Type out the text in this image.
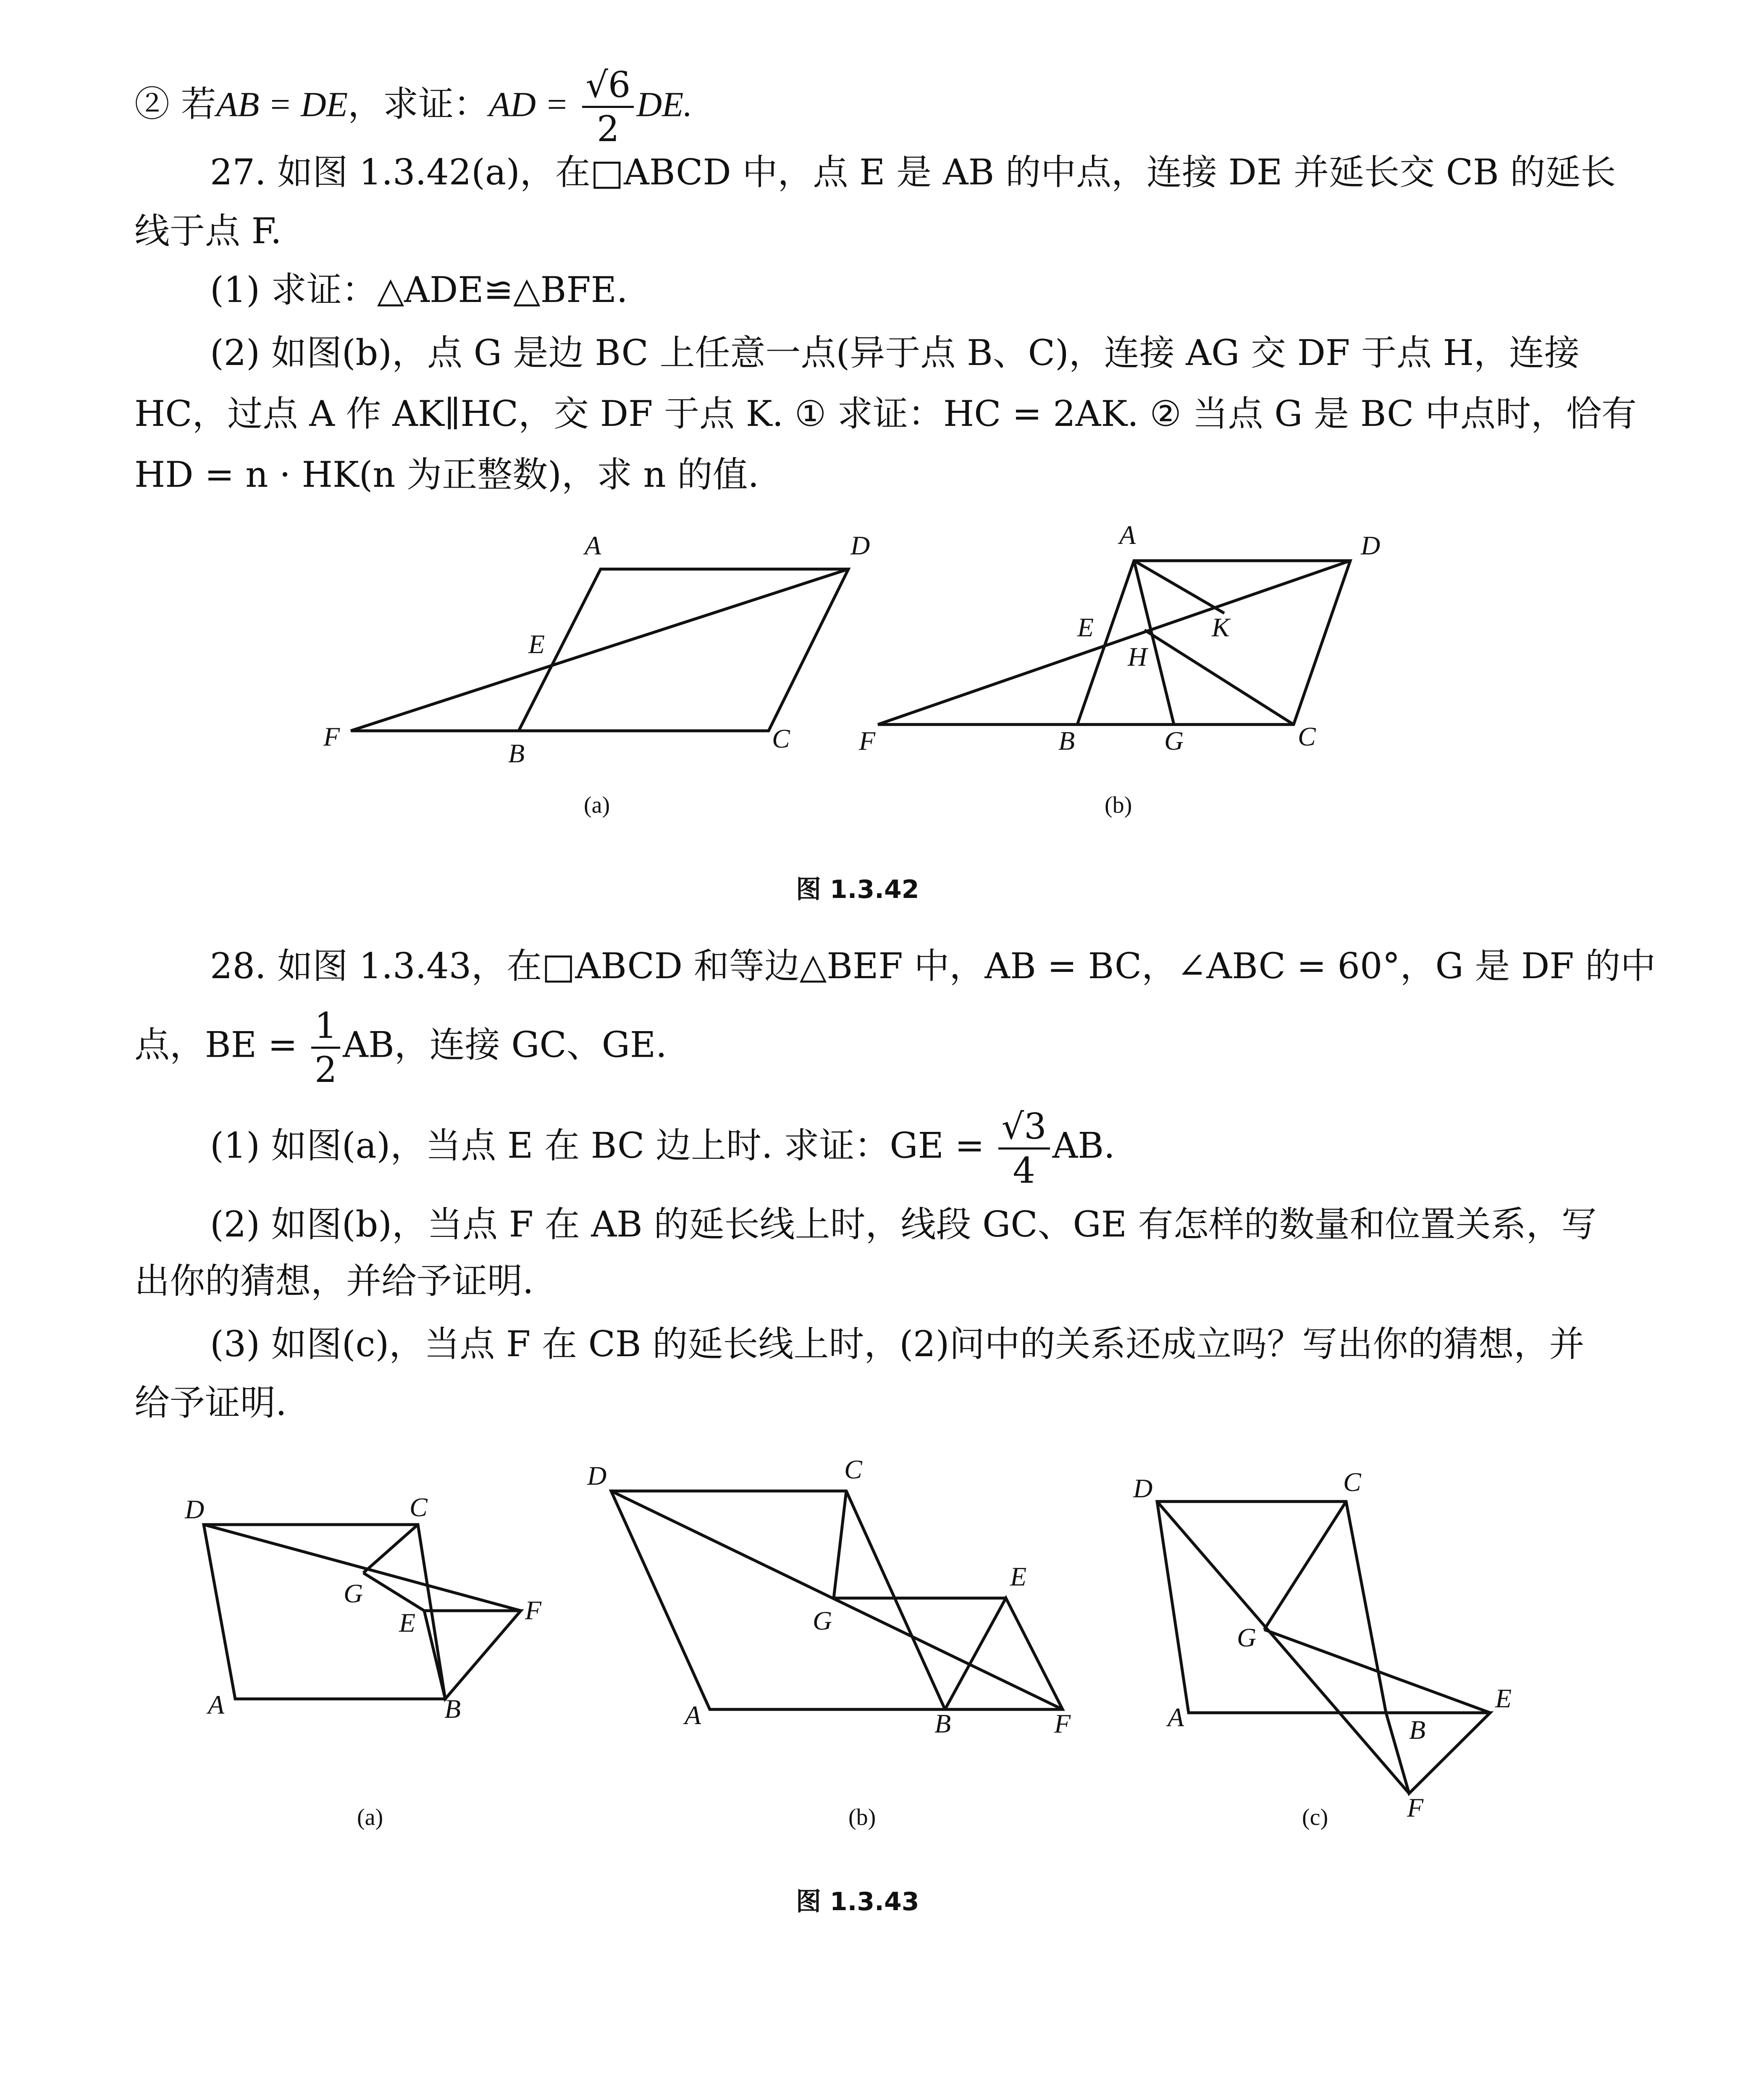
② 若AB = DE，求证：AD = $\frac{√6}{2}$ DE.
27. 如图 1.3.42(a)，在□ABCD 中，点 E 是 AB 的中点，连接 DE 并延长交 CB 的延长
线于点 F.
(1) 求证：△ADE≌△BFE.
(2) 如图(b)，点 G 是边 BC 上任意一点(异于点 B、C)，连接 AG 交 DF 于点 H，连接
HC，过点 A 作 AK∥HC，交 DF 于点 K. ① 求证：HC = 2AK. ② 当点 G 是 BC 中点时，恰有
HD = n · HK(n 为正整数)，求 n 的值.
A	D
E
F
B	C
(a)
A	D
E
H
K
F	B	G	C
(b)
图 1.3.42
28. 如图 1.3.43，在□ABCD 和等边△BEF 中，AB = BC，∠ABC = 60°，G 是 DF 的中
点，BE = $\frac{1}{2}$ AB，连接 GC、GE.
(1) 如图(a)，当点 E 在 BC 边上时. 求证：GE = $\frac{√3}{4}$ AB.
(2) 如图(b)，当点 F 在 AB 的延长线上时，线段 GC、GE 有怎样的数量和位置关系，写
出你的猜想，并给予证明.
(3) 如图(c)，当点 F 在 CB 的延长线上时，(2)问中的关系还成立吗？写出你的猜想，并
给予证明.
D	C
G
E	F
A	B
(a)
D	C
G
E
A	B	F
(b)
D	C
G
E
A	B
F
(c)
图 1.3.43
